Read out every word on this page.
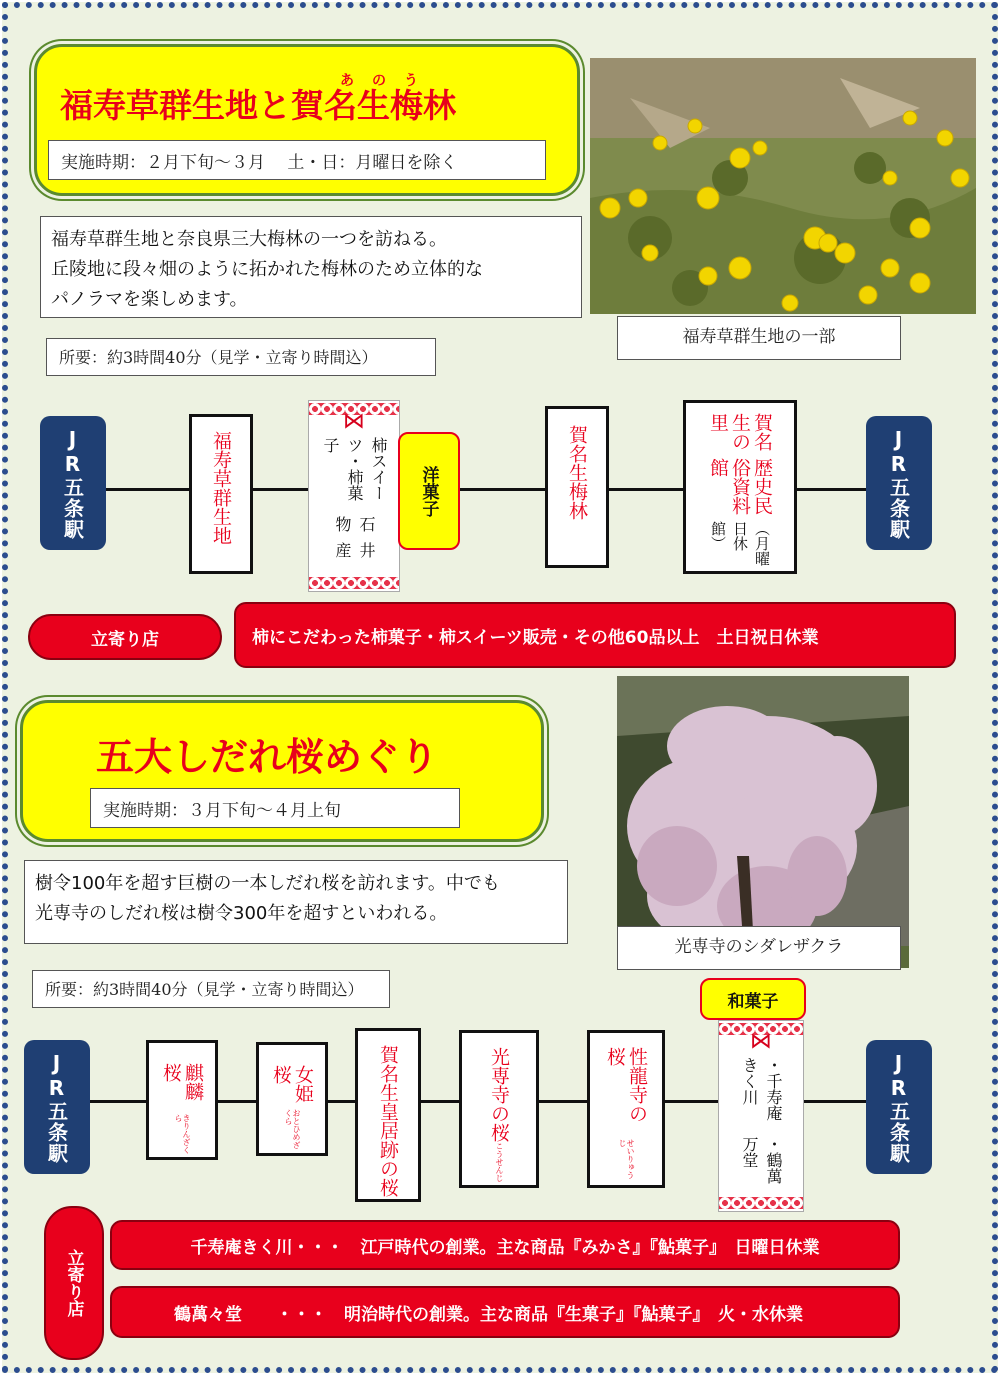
あ の う
福寿草群生地と賀名生梅林
実施時期：２月下旬～３月　 土・日：月曜日を除く
福寿草群生地と奈良県三大梅林の一つを訪ねる。
丘陵地に段々畑のように拓かれた梅林のため立体的な
パノラマを楽しめます。
福寿草群生地の一部
所要：約3時間40分（見学・立寄り時間込）
JR五条駅	福寿草群生地
⋈
柿スイーツ・柿菓子
石井物産
洋菓子	賀名生梅林	賀名生の里
歴史民俗資料館
（月曜日休館）	JR五条駅
立寄り店	柿にこだわった柿菓子・柿スイーツ販売・その他60品以上　土日祝日休業
五大しだれ桜めぐり
実施時期：３月下旬～４月上旬
光専寺のシダレザクラ
樹令100年を超す巨樹の一本しだれ桜を訪れます。中でも
光専寺のしだれ桜は樹令300年を超すといわれる。
所要：約3時間40分（見学・立寄り時間込）
JR五条駅	麒麟桜
きりんざくら
女姫桜
おとひめざくら	賀名生皇居跡の桜	光専寺の桜
こうせんじ
性龍寺の桜
せいりゅうじ
和菓子
⋈
・千寿庵きく川
・鶴萬万堂	JR五条駅
立寄り店
千寿庵きく川・・・　江戸時代の創業。主な商品『みかさ』『鮎菓子』　日曜日休業
鶴萬々堂　　・・・　明治時代の創業。主な商品『生菓子』『鮎菓子』　火・水休業
